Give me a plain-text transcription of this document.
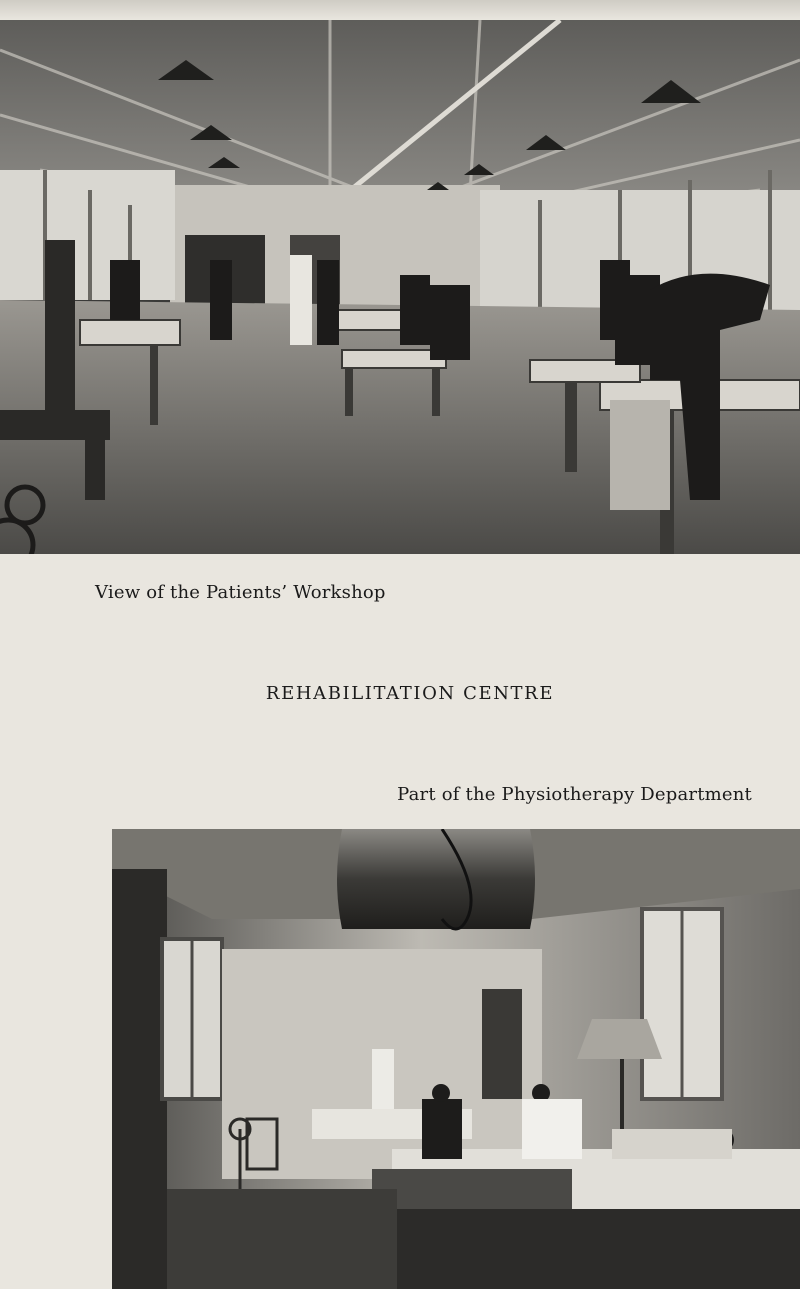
View of the Patients’ Workshop
REHABILITATION CENTRE
Part of the Physiotherapy Department
